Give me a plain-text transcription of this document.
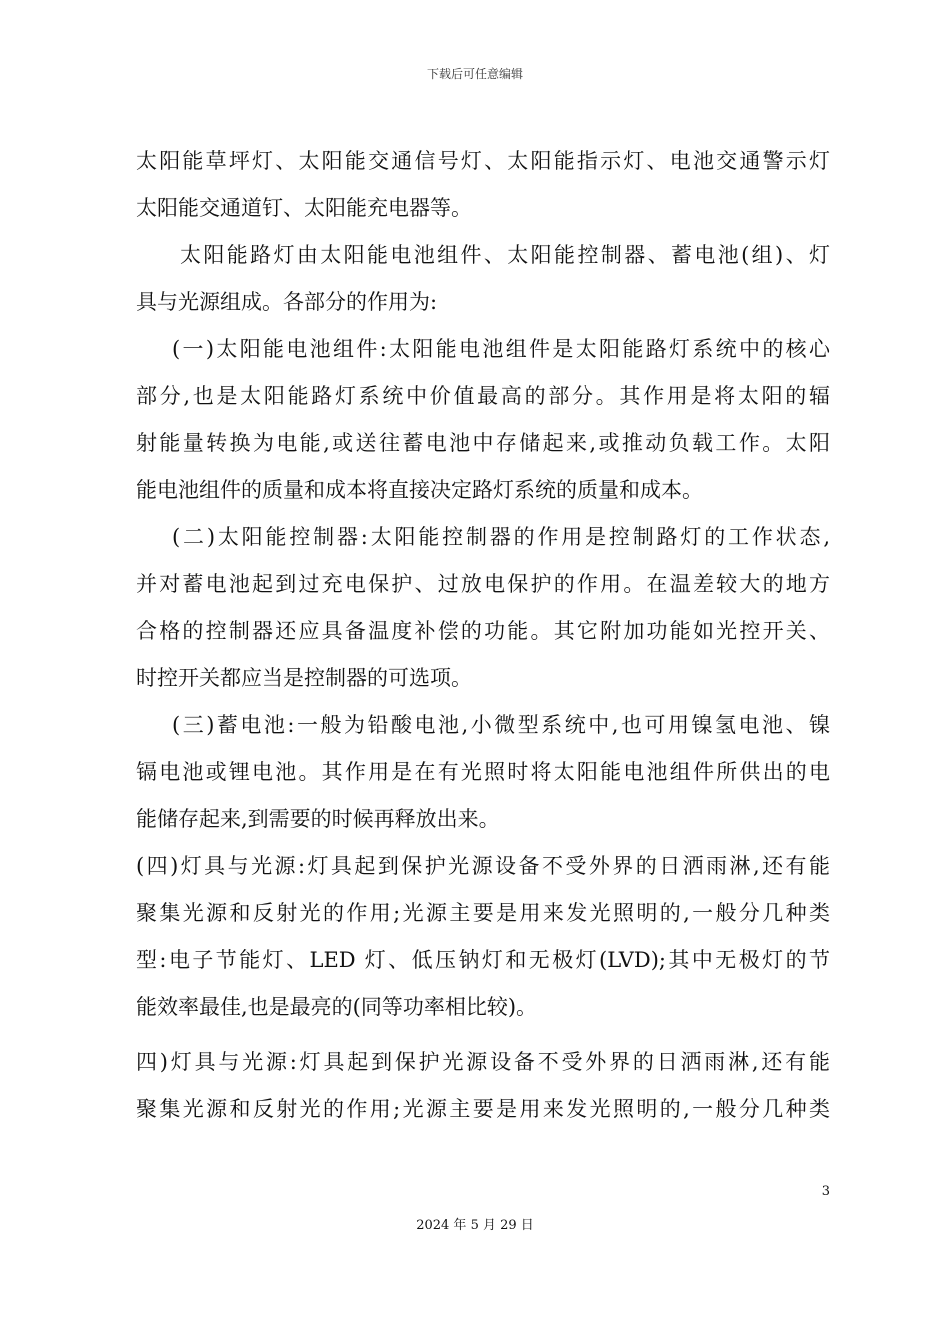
下载后可任意编辑
太阳能草坪灯、太阳能交通信号灯、太阳能指示灯、电池交通警示灯
太阳能交通道钉、太阳能充电器等。
太阳能路灯由太阳能电池组件、太阳能控制器、蓄电池(组)、灯
具与光源组成。各部分的作用为:
(一)太阳能电池组件:太阳能电池组件是太阳能路灯系统中的核心
部分,也是太阳能路灯系统中价值最高的部分。其作用是将太阳的辐
射能量转换为电能,或送往蓄电池中存储起来,或推动负载工作。太阳
能电池组件的质量和成本将直接决定路灯系统的质量和成本。
(二)太阳能控制器:太阳能控制器的作用是控制路灯的工作状态,
并对蓄电池起到过充电保护、过放电保护的作用。在温差较大的地方
合格的控制器还应具备温度补偿的功能。其它附加功能如光控开关、
时控开关都应当是控制器的可选项。
(三)蓄电池:一般为铅酸电池,小微型系统中,也可用镍氢电池、镍
镉电池或锂电池。其作用是在有光照时将太阳能电池组件所供出的电
能储存起来,到需要的时候再释放出来。
(四)灯具与光源:灯具起到保护光源设备不受外界的日洒雨淋,还有能
聚集光源和反射光的作用;光源主要是用来发光照明的,一般分几种类
型:电子节能灯、LED 灯、低压钠灯和无极灯(LVD);其中无极灯的节
能效率最佳,也是最亮的(同等功率相比较)。
四)灯具与光源:灯具起到保护光源设备不受外界的日洒雨淋,还有能
聚集光源和反射光的作用;光源主要是用来发光照明的,一般分几种类
3
2024 年 5 月 29 日
